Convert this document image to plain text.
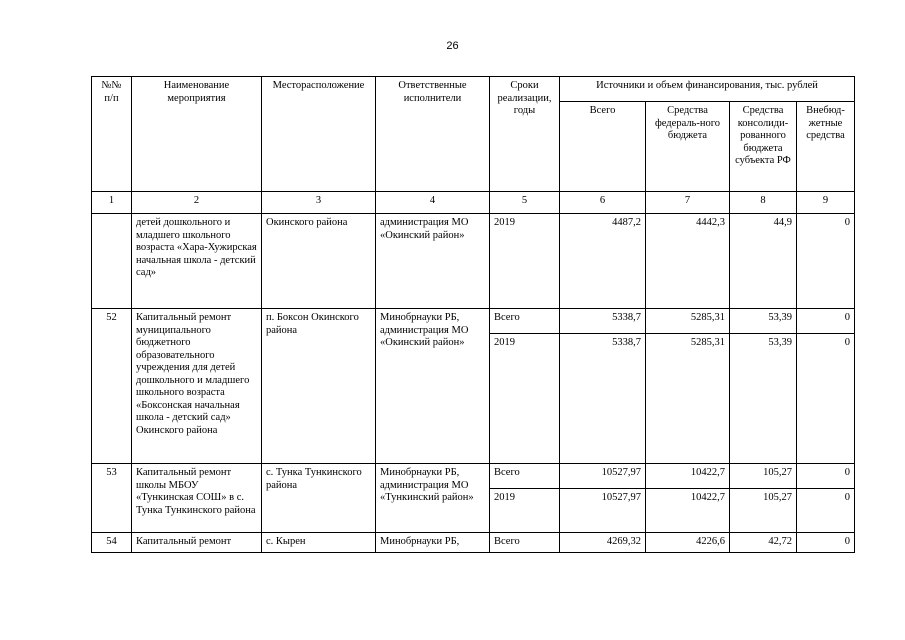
26
№№ п/п	Наименование мероприятия	Месторасположение	Ответственные исполнители	Сроки реализации, годы	Источники и объем финансирования, тыс. рублей			
					Всего	Средства федераль-ного бюджета	Средства консолиди-рованного бюджета субъекта РФ	Внебюд-жетные средства
1	2	3	4	5	6	7	8	9
	детей дошкольного и младшего школьного возраста «Хара-Хужирская начальная школа - детский сад»	Окинского района	администрация МО «Окинский район»	2019	4487,2	4442,3	44,9	0
52	Капитальный ремонт муниципального бюджетного образовательного учреждения для детей дошкольного и младшего школьного возраста «Боксонская начальная школа - детский сад» Окинского района	п. Боксон Окинского района	Минобрнауки РБ, администрация МО «Окинский район»	Всего	5338,7	5285,31	53,39	0
				2019	5338,7	5285,31	53,39	0
53	Капитальный ремонт школы МБОУ «Тункинская СОШ» в с. Тунка Тункинского района	с. Тунка Тункинского района	Минобрнауки РБ, администрация МО «Тункинский район»	Всего	10527,97	10422,7	105,27	0
				2019	10527,97	10422,7	105,27	0
54	Капитальный ремонт	с. Кырен	Минобрнауки РБ,	Всего	4269,32	4226,6	42,72	0
